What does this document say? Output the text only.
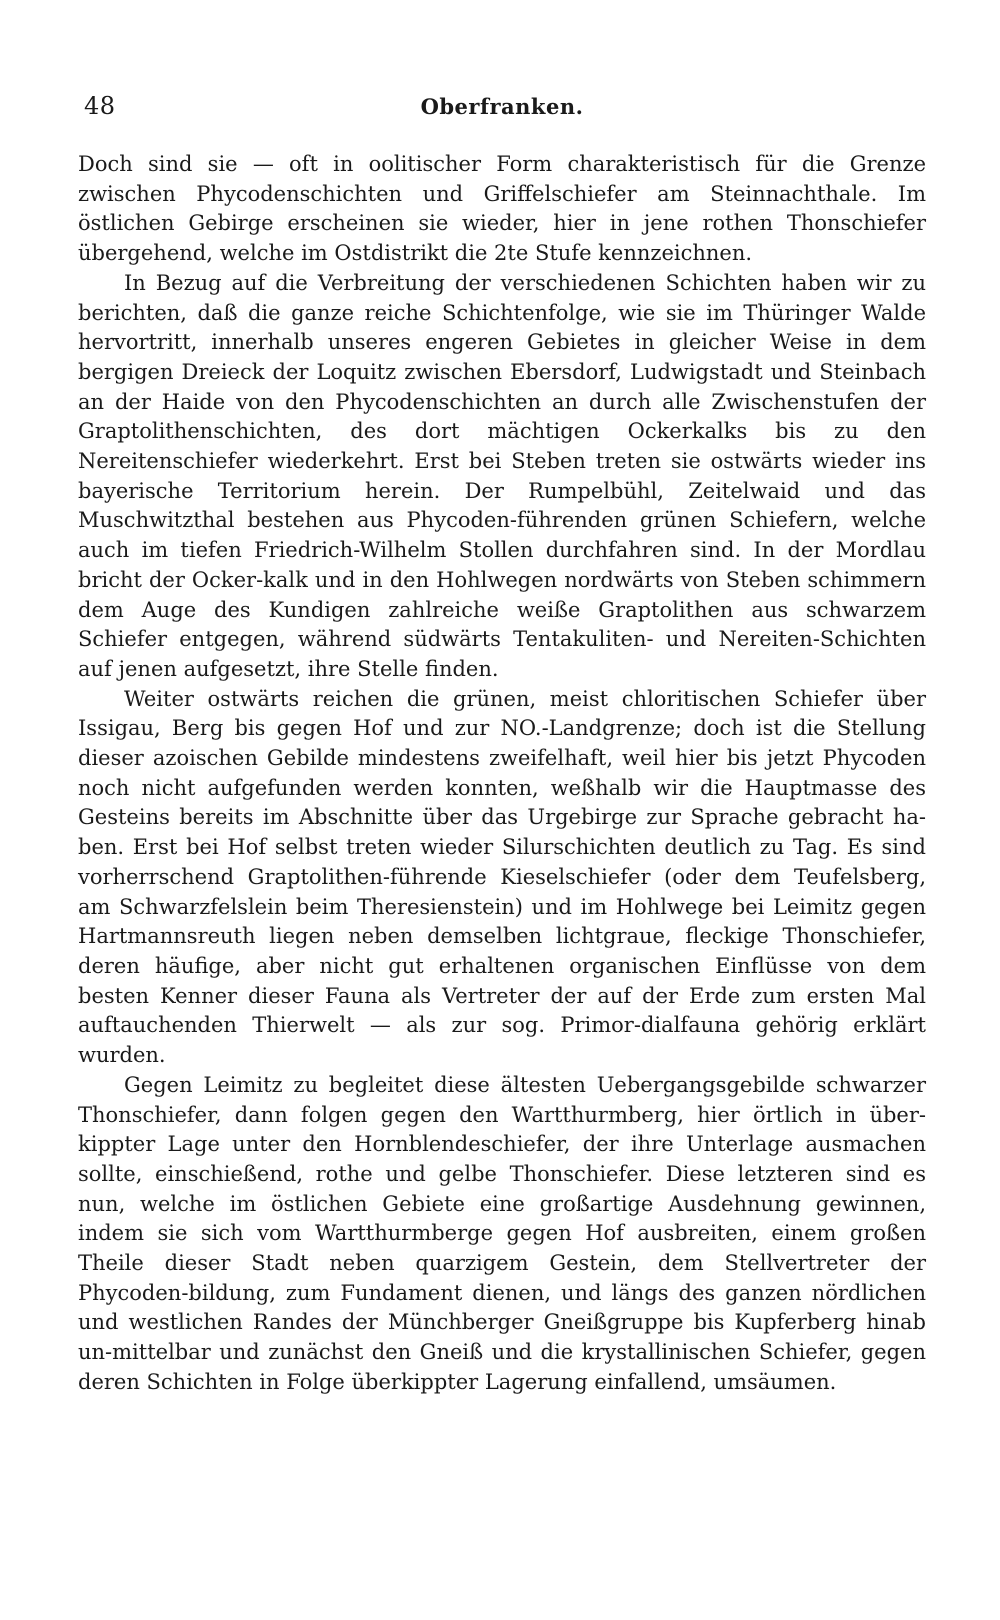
48	Oberfranken.

Doch sind sie — oft in oolitischer Form charakteristisch für die Grenze zwischen Phycodenschichten und Griffelschiefer am Steinnachthale. Im östlichen Gebirge erscheinen sie wieder, hier in jene rothen Thonschiefer übergehend, welche im Ostdistrikt die 2te Stufe kennzeichnen.

In Bezug auf die Verbreitung der verschiedenen Schichten haben wir zu berichten, daß die ganze reiche Schichtenfolge, wie sie im Thüringer Walde hervortritt, innerhalb unseres engeren Gebietes in gleicher Weise in dem bergigen Dreieck der Loquitz zwischen Ebersdorf, Ludwigstadt und Steinbach an der Haide von den Phycodenschichten an durch alle Zwischenstufen der Graptolithenschichten, des dort mächtigen Ockerkalks bis zu den Nereitenschiefer wiederkehrt. Erst bei Steben treten sie ostwärts wieder ins bayerische Territorium herein. Der Rumpelbühl, Zeitelwaid und das Muschwitzthal bestehen aus Phycoden-führenden grünen Schiefern, welche auch im tiefen Friedrich-Wilhelm Stollen durchfahren sind. In der Mordlau bricht der Ocker-kalk und in den Hohlwegen nordwärts von Steben schimmern dem Auge des Kundigen zahlreiche weiße Graptolithen aus schwarzem Schiefer entgegen, während südwärts Tentakuliten- und Nereiten-Schichten auf jenen aufgesetzt, ihre Stelle finden.

Weiter ostwärts reichen die grünen, meist chloritischen Schiefer über Issigau, Berg bis gegen Hof und zur NO.-Landgrenze; doch ist die Stellung dieser azoischen Gebilde mindestens zweifelhaft, weil hier bis jetzt Phycoden noch nicht aufgefunden werden konnten, weßhalb wir die Hauptmasse des Gesteins bereits im Abschnitte über das Urgebirge zur Sprache gebracht ha-ben. Erst bei Hof selbst treten wieder Silurschichten deutlich zu Tag. Es sind vorherrschend Graptolithen-führende Kieselschiefer (oder dem Teufelsberg, am Schwarzfelslein beim Theresienstein) und im Hohlwege bei Leimitz gegen Hartmannsreuth liegen neben demselben lichtgraue, fleckige Thonschiefer, deren häufige, aber nicht gut erhaltenen organischen Einflüsse von dem besten Kenner dieser Fauna als Vertreter der auf der Erde zum ersten Mal auftauchenden Thierwelt — als zur sog. Primor-dialfauna gehörig erklärt wurden.

Gegen Leimitz zu begleitet diese ältesten Uebergangsgebilde schwarzer Thonschiefer, dann folgen gegen den Wartthurmberg, hier örtlich in über-kippter Lage unter den Hornblendeschiefer, der ihre Unterlage ausmachen sollte, einschießend, rothe und gelbe Thonschiefer. Diese letzteren sind es nun, welche im östlichen Gebiete eine großartige Ausdehnung gewinnen, indem sie sich vom Wartthurmberge gegen Hof ausbreiten, einem großen Theile dieser Stadt neben quarzigem Gestein, dem Stellvertreter der Phycoden-bildung, zum Fundament dienen, und längs des ganzen nördlichen und westlichen Randes der Münchberger Gneißgruppe bis Kupferberg hinab un-mittelbar und zunächst den Gneiß und die krystallinischen Schiefer, gegen deren Schichten in Folge überkippter Lagerung einfallend, umsäumen.
